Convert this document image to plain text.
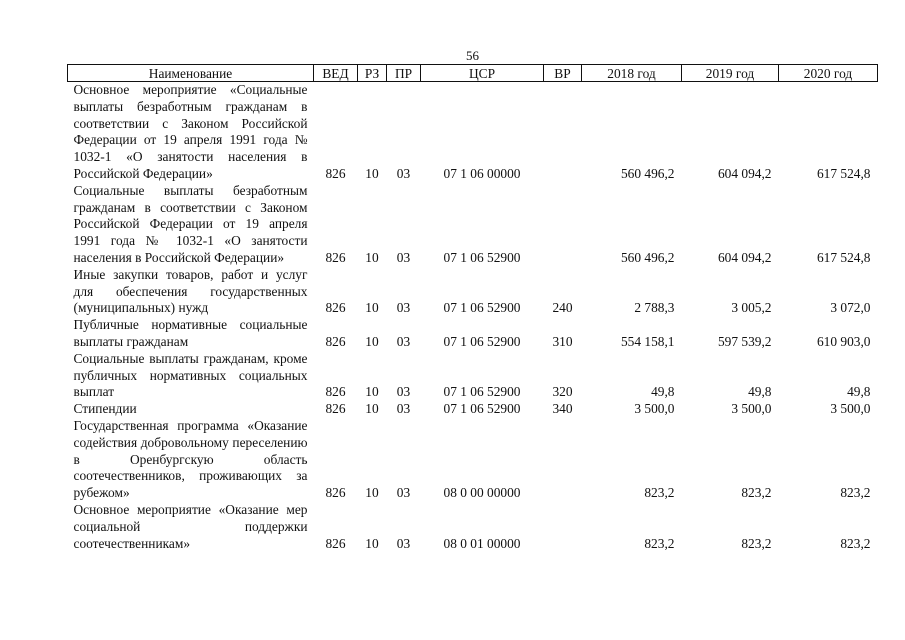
56
Наименование	ВЕД	РЗ	ПР	ЦСР	ВР	2018 год	2019 год	2020 год
Основное мероприятие «Социальные выплаты безработным гражданам в соответствии с Законом Российской Федерации от 19 апреля 1991 года № 1032-1 «О занятости населения в Российской Федерации»	826	10	03	07 1 06 00000		560 496,2	604 094,2	617 524,8
Социальные выплаты безработным гражданам в соответствии с Законом Российской Федерации от 19 апреля 1991 года № 1032-1 «О занятости населения в Российской Федерации»	826	10	03	07 1 06 52900		560 496,2	604 094,2	617 524,8
Иные закупки товаров, работ и услуг для обеспечения государственных (муниципальных) нужд	826	10	03	07 1 06 52900	240	2 788,3	3 005,2	3 072,0
Публичные нормативные социальные выплаты гражданам	826	10	03	07 1 06 52900	310	554 158,1	597 539,2	610 903,0
Социальные выплаты гражданам, кроме публичных нормативных социальных выплат	826	10	03	07 1 06 52900	320	49,8	49,8	49,8
Стипендии	826	10	03	07 1 06 52900	340	3 500,0	3 500,0	3 500,0
Государственная программа «Оказание содействия добровольному переселению в Оренбургскую область соотечественников, проживающих за рубежом»	826	10	03	08 0 00 00000		823,2	823,2	823,2
Основное мероприятие «Оказание мер социальной поддержки соотечественникам»	826	10	03	08 0 01 00000		823,2	823,2	823,2
